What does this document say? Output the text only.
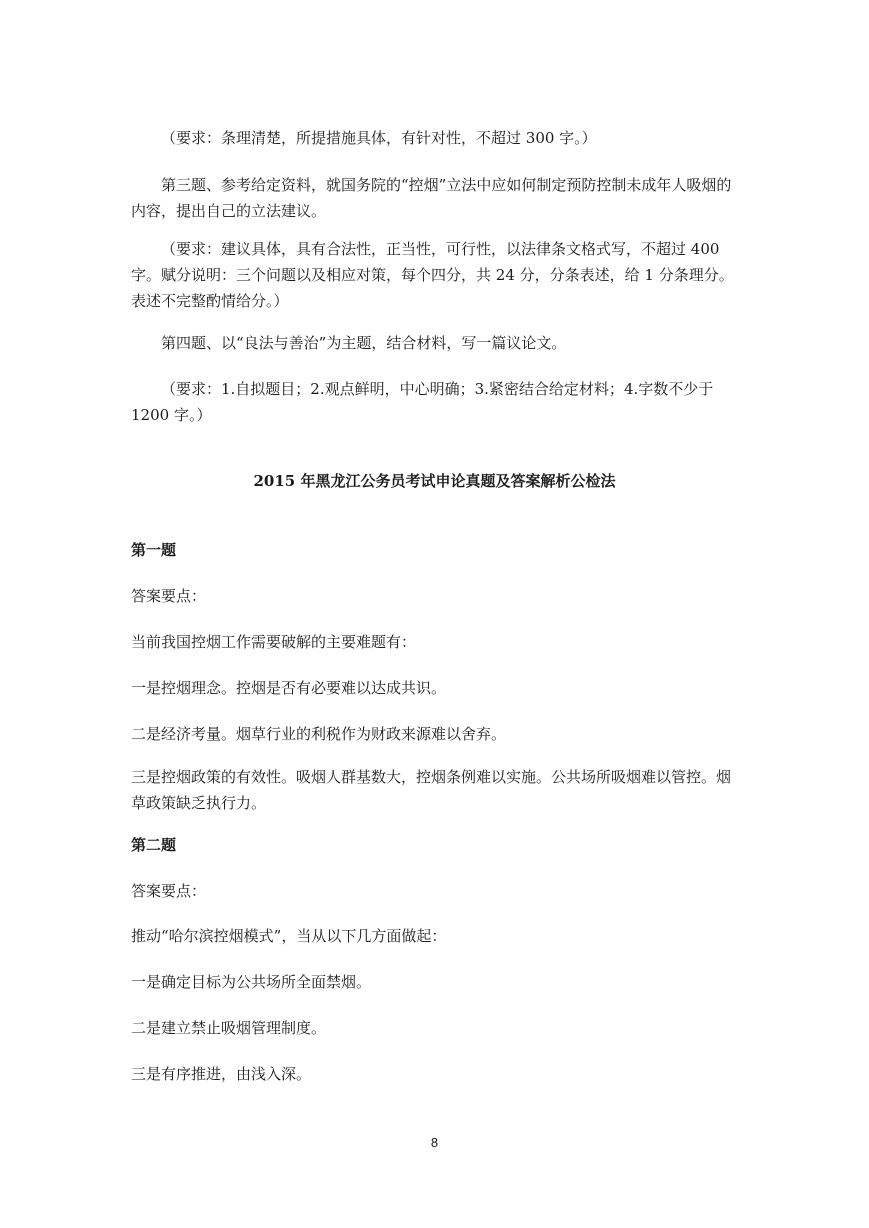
（要求：条理清楚，所提措施具体，有针对性，不超过 300 字。）

第三题、参考给定资料，就国务院的“控烟”立法中应如何制定预防控制未成年人吸烟的内容，提出自己的立法建议。

（要求：建议具体，具有合法性，正当性，可行性，以法律条文格式写，不超过 400 字。赋分说明：三个问题以及相应对策，每个四分，共 24 分，分条表述，给 1 分条理分。表述不完整酌情给分。）

第四题、以“良法与善治”为主题，结合材料，写一篇议论文。

（要求：1.自拟题目；2.观点鲜明，中心明确；3.紧密结合给定材料；4.字数不少于 1200 字。）

2015 年黑龙江公务员考试申论真题及答案解析公检法

第一题

答案要点：

当前我国控烟工作需要破解的主要难题有：

一是控烟理念。控烟是否有必要难以达成共识。

二是经济考量。烟草行业的利税作为财政来源难以舍弃。

三是控烟政策的有效性。吸烟人群基数大，控烟条例难以实施。公共场所吸烟难以管控。烟草政策缺乏执行力。

第二题

答案要点：

推动“哈尔滨控烟模式”，当从以下几方面做起：

一是确定目标为公共场所全面禁烟。

二是建立禁止吸烟管理制度。

三是有序推进，由浅入深。

8
